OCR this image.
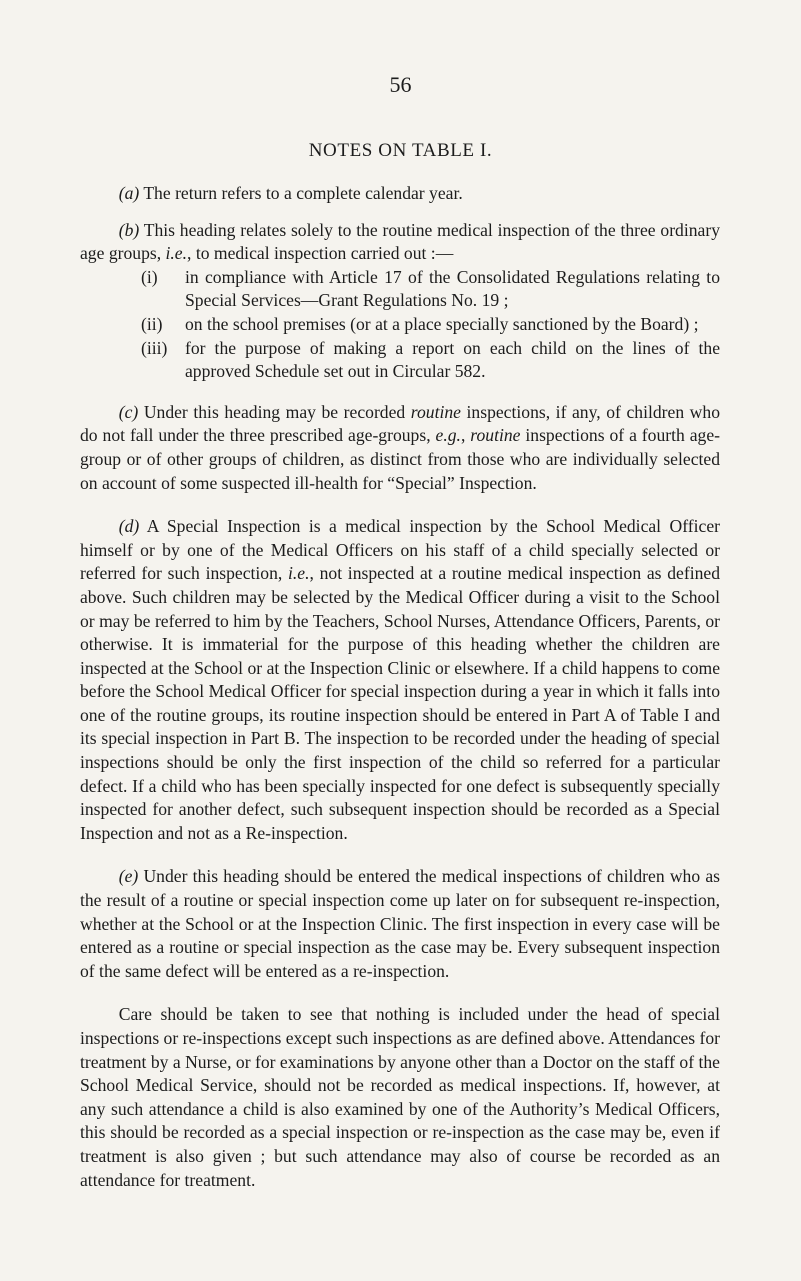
56
NOTES ON TABLE I.

(a) The return refers to a complete calendar year.

(b) This heading relates solely to the routine medical inspection of the three ordinary age groups, i.e., to medical inspection carried out :—

(i) in compliance with Article 17 of the Consolidated Regulations relating to Special Services—Grant Regulations No. 19 ;

(ii) on the school premises (or at a place specially sanctioned by the Board) ;

(iii) for the purpose of making a report on each child on the lines of the approved Schedule set out in Circular 582.

(c) Under this heading may be recorded routine inspections, if any, of children who do not fall under the three prescribed age-groups, e.g., routine inspections of a fourth age-group or of other groups of children, as distinct from those who are individually selected on account of some suspected ill-health for “Special” Inspection.

(d) A Special Inspection is a medical inspection by the School Medical Officer himself or by one of the Medical Officers on his staff of a child specially selected or referred for such inspection, i.e., not inspected at a routine medical inspection as defined above. Such children may be selected by the Medical Officer during a visit to the School or may be referred to him by the Teachers, School Nurses, Attendance Officers, Parents, or otherwise. It is immaterial for the purpose of this heading whether the children are inspected at the School or at the Inspection Clinic or elsewhere. If a child happens to come before the School Medical Officer for special inspection during a year in which it falls into one of the routine groups, its routine inspection should be entered in Part A of Table I and its special inspection in Part B. The inspection to be recorded under the heading of special inspections should be only the first inspection of the child so referred for a particular defect. If a child who has been specially inspected for one defect is subsequently specially inspected for another defect, such subsequent inspection should be recorded as a Special Inspection and not as a Re-inspection.

(e) Under this heading should be entered the medical inspections of children who as the result of a routine or special inspection come up later on for subsequent re-inspection, whether at the School or at the Inspection Clinic. The first inspection in every case will be entered as a routine or special inspection as the case may be. Every subsequent inspection of the same defect will be entered as a re-inspection.

Care should be taken to see that nothing is included under the head of special inspections or re-inspections except such inspections as are defined above. Attendances for treatment by a Nurse, or for examinations by anyone other than a Doctor on the staff of the School Medical Service, should not be recorded as medical inspections. If, however, at any such attendance a child is also examined by one of the Authority’s Medical Officers, this should be recorded as a special inspection or re-inspection as the case may be, even if treatment is also given ; but such attendance may also of course be recorded as an attendance for treatment.
